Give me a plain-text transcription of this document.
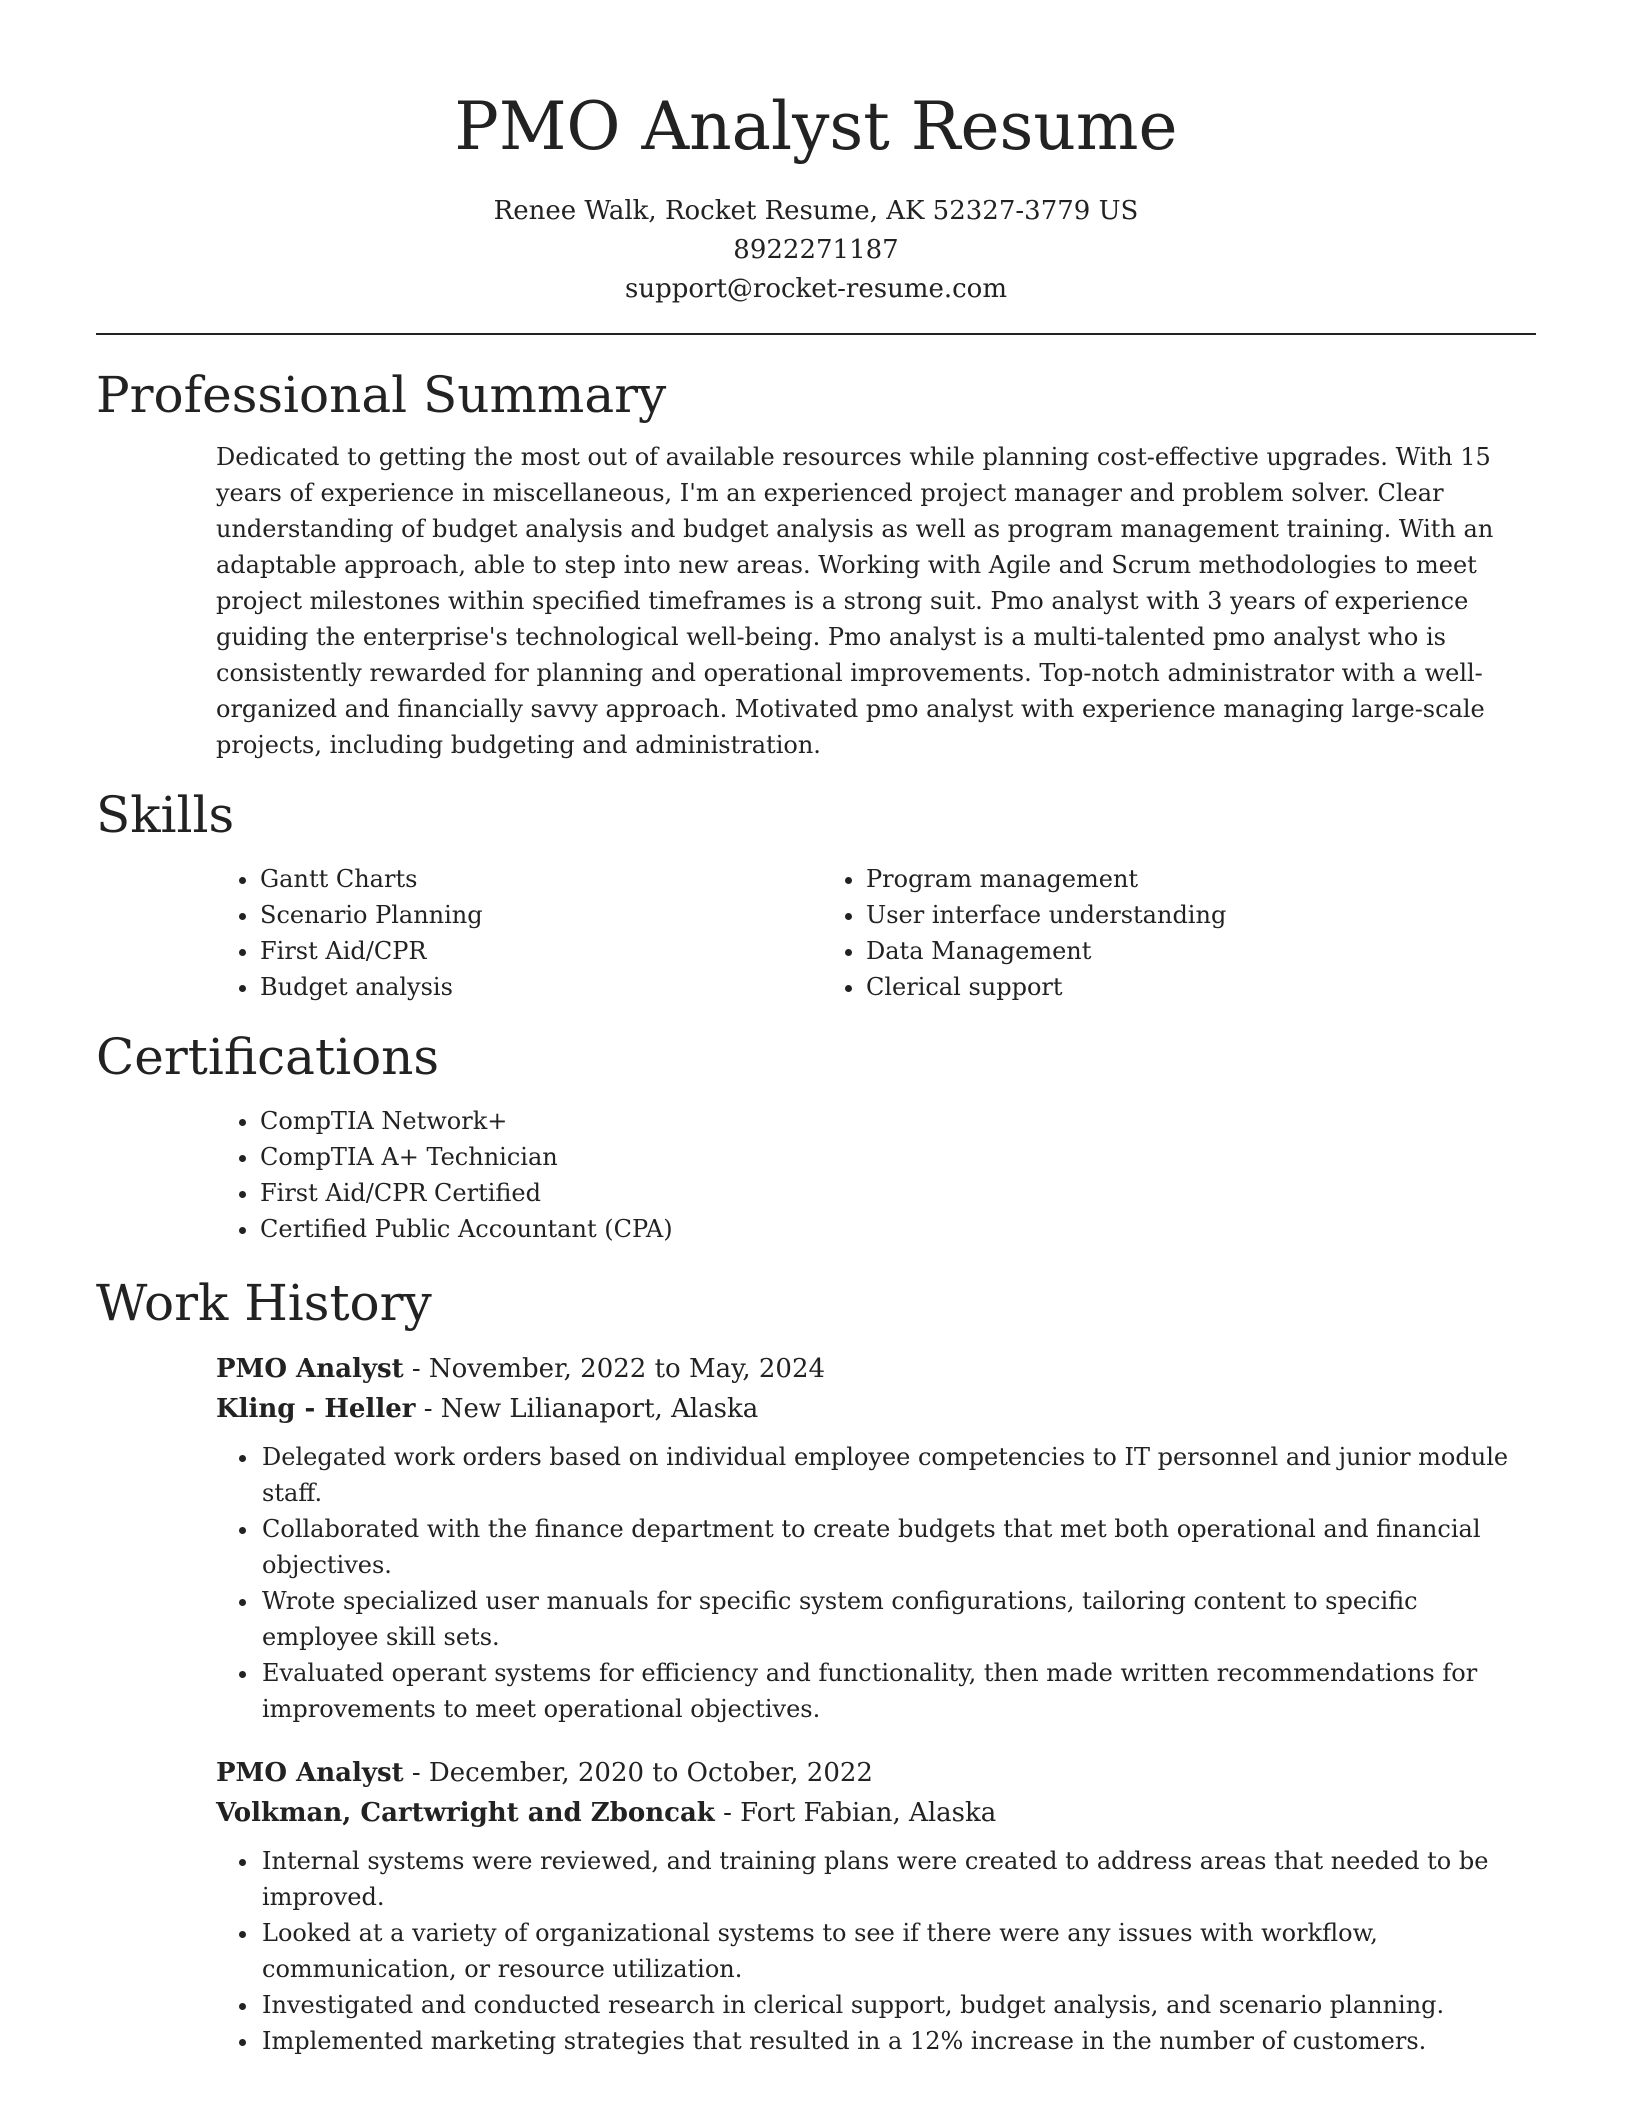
PMO Analyst Resume
Renee Walk, Rocket Resume, AK 52327-3779 US
8922271187
support@rocket-resume.com
Professional Summary
Dedicated to getting the most out of available resources while planning cost-effective upgrades. With 15 years of experience in miscellaneous, I'm an experienced project manager and problem solver. Clear understanding of budget analysis and budget analysis as well as program management training. With an adaptable approach, able to step into new areas. Working with Agile and Scrum methodologies to meet project milestones within specified timeframes is a strong suit. Pmo analyst with 3 years of experience guiding the enterprise's technological well-being. Pmo analyst is a multi-talented pmo analyst who is consistently rewarded for planning and operational improvements. Top-notch administrator with a well-organized and financially savvy approach. Motivated pmo analyst with experience managing large-scale projects, including budgeting and administration.
Skills
• Gantt Charts
• Scenario Planning
• First Aid/CPR
• Budget analysis
• Program management
• User interface understanding
• Data Management
• Clerical support
Certifications
• CompTIA Network+
• CompTIA A+ Technician
• First Aid/CPR Certified
• Certified Public Accountant (CPA)
Work History
PMO Analyst - November, 2022 to May, 2024
Kling - Heller - New Lilianaport, Alaska
• Delegated work orders based on individual employee competencies to IT personnel and junior module staff.
• Collaborated with the finance department to create budgets that met both operational and financial objectives.
• Wrote specialized user manuals for specific system configurations, tailoring content to specific employee skill sets.
• Evaluated operant systems for efficiency and functionality, then made written recommendations for improvements to meet operational objectives.
PMO Analyst - December, 2020 to October, 2022
Volkman, Cartwright and Zboncak - Fort Fabian, Alaska
• Internal systems were reviewed, and training plans were created to address areas that needed to be improved.
• Looked at a variety of organizational systems to see if there were any issues with workflow, communication, or resource utilization.
• Investigated and conducted research in clerical support, budget analysis, and scenario planning.
• Implemented marketing strategies that resulted in a 12% increase in the number of customers.
